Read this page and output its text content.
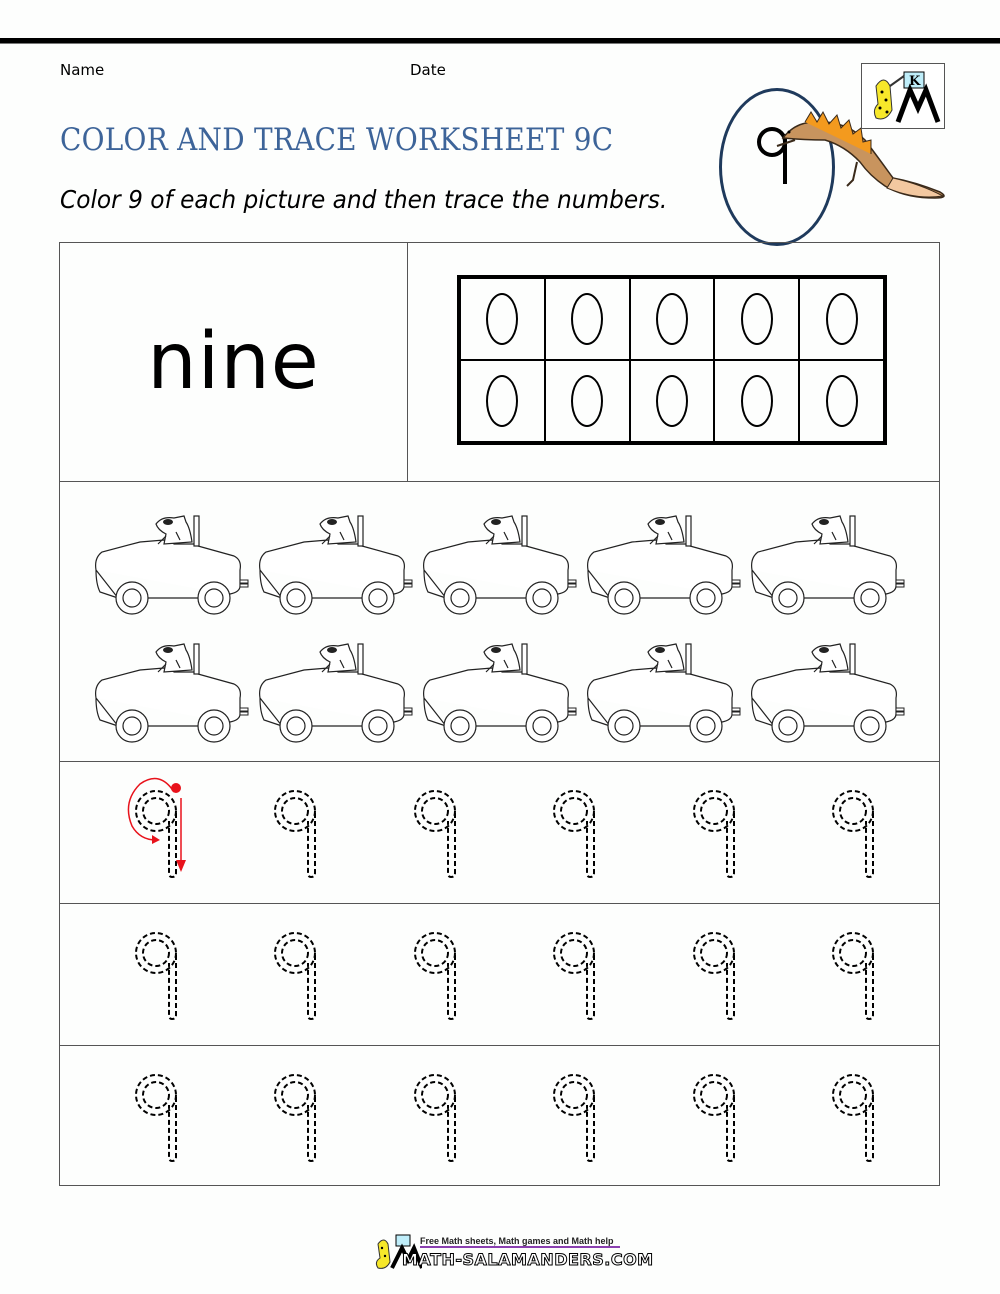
Name	Date
COLOR AND TRACE WORKSHEET 9C
Color 9 of each picture and then trace the numbers.
K
nine
Free Math sheets, Math games and Math help
MATH-SALAMANDERS.COM
